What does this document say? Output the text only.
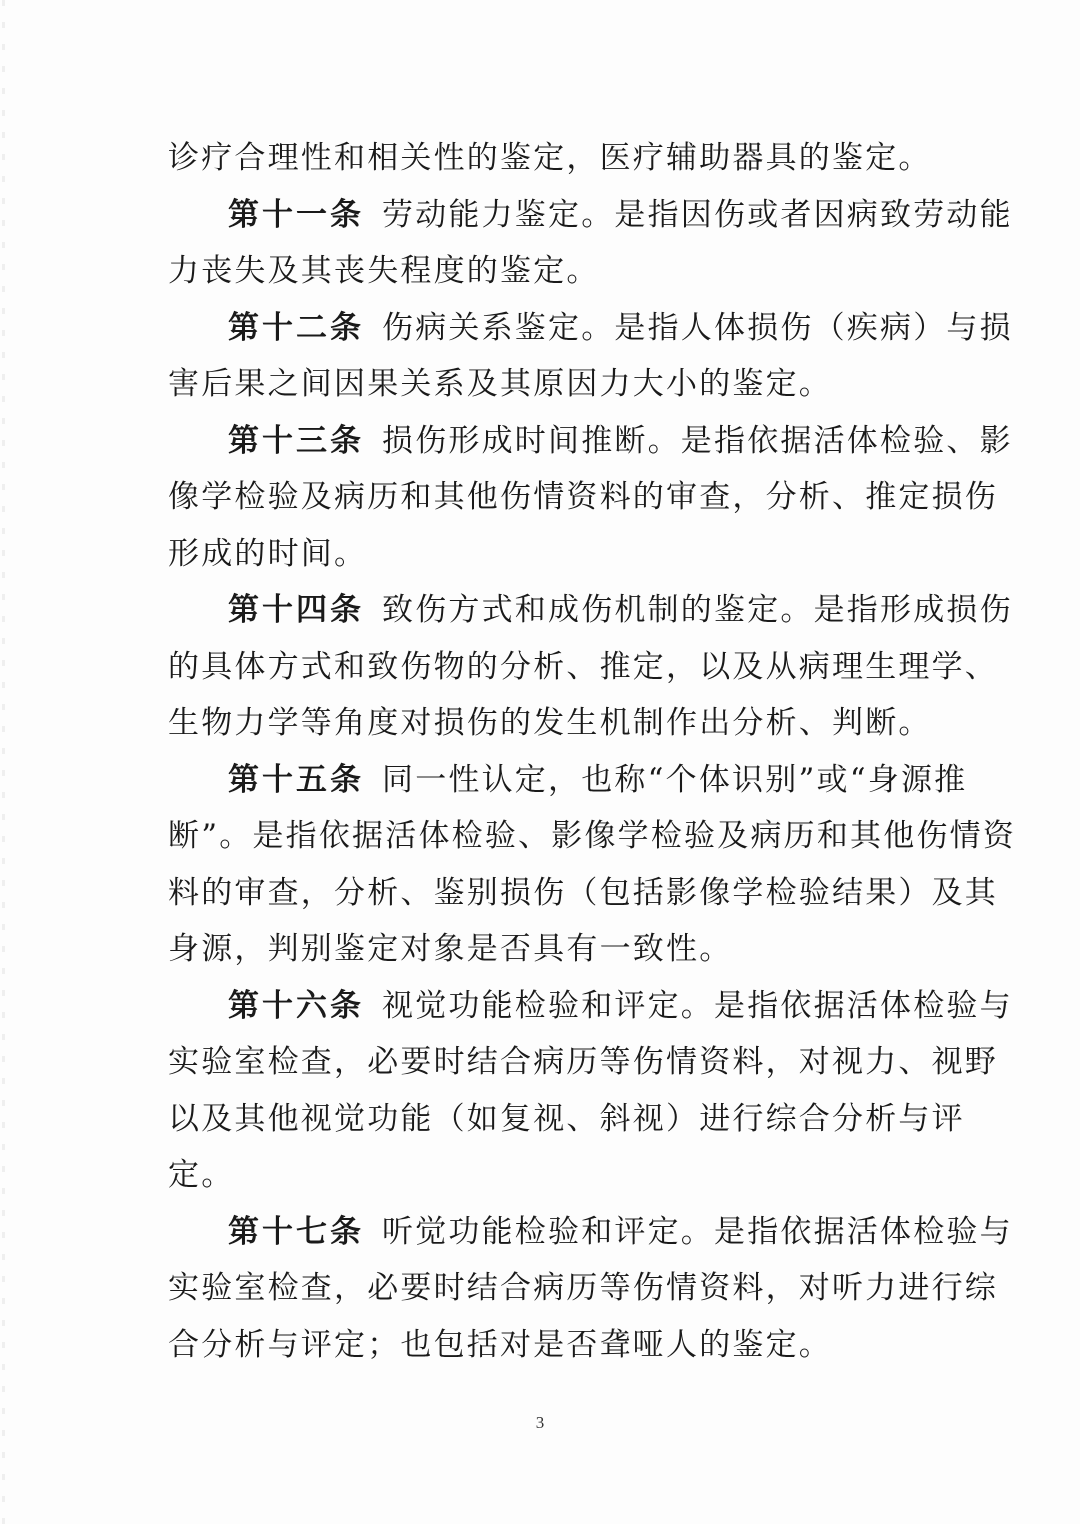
诊疗合理性和相关性的鉴定，医疗辅助器具的鉴定。
第十一条 劳动能力鉴定。是指因伤或者因病致劳动能
力丧失及其丧失程度的鉴定。
第十二条 伤病关系鉴定。是指人体损伤（疾病）与损
害后果之间因果关系及其原因力大小的鉴定。
第十三条 损伤形成时间推断。是指依据活体检验、影
像学检验及病历和其他伤情资料的审查，分析、推定损伤
形成的时间。
第十四条 致伤方式和成伤机制的鉴定。是指形成损伤
的具体方式和致伤物的分析、推定，以及从病理生理学、
生物力学等角度对损伤的发生机制作出分析、判断。
第十五条 同一性认定，也称“个体识别”或“身源推
断”。是指依据活体检验、影像学检验及病历和其他伤情资
料的审查，分析、鉴别损伤（包括影像学检验结果）及其
身源，判别鉴定对象是否具有一致性。
第十六条 视觉功能检验和评定。是指依据活体检验与
实验室检查，必要时结合病历等伤情资料，对视力、视野
以及其他视觉功能（如复视、斜视）进行综合分析与评
定。
第十七条 听觉功能检验和评定。是指依据活体检验与
实验室检查，必要时结合病历等伤情资料，对听力进行综
合分析与评定；也包括对是否聋哑人的鉴定。
3
